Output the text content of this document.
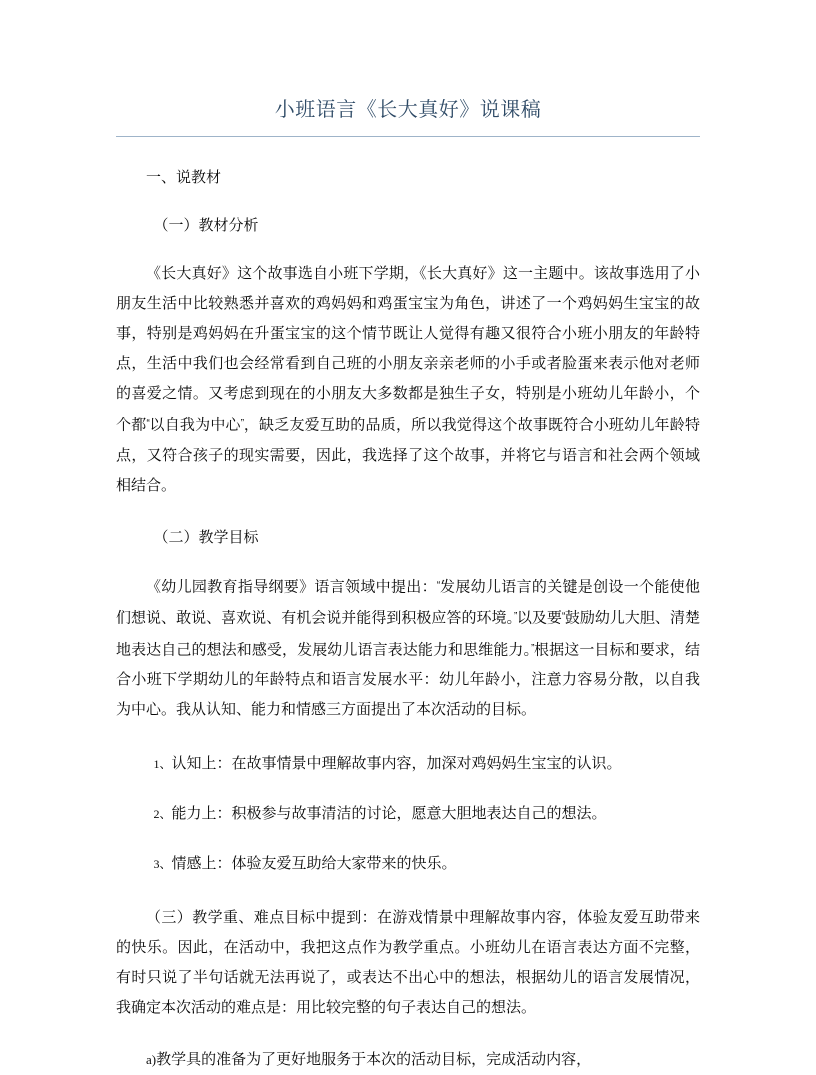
小班语言《长大真好》说课稿

一、说教材

（一）教材分析

《长大真好》这个故事选自小班下学期，《长大真好》这一主题中。该故事选用了小朋友生活中比较熟悉并喜欢的鸡妈妈和鸡蛋宝宝为角色，讲述了一个鸡妈妈生宝宝的故事，特别是鸡妈妈在升蛋宝宝的这个情节既让人觉得有趣又很符合小班小朋友的年龄特点，生活中我们也会经常看到自己班的小朋友亲亲老师的小手或者脸蛋来表示他对老师的喜爱之情。又考虑到现在的小朋友大多数都是独生子女，特别是小班幼儿年龄小，个个都“以自我为中心”，缺乏友爱互助的品质，所以我觉得这个故事既符合小班幼儿年龄特点，又符合孩子的现实需要，因此，我选择了这个故事，并将它与语言和社会两个领域相结合。

（二）教学目标

《幼儿园教育指导纲要》语言领域中提出：“发展幼儿语言的关键是创设一个能使他们想说、敢说、喜欢说、有机会说并能得到积极应答的环境。”以及要“鼓励幼儿大胆、清楚地表达自己的想法和感受，发展幼儿语言表达能力和思维能力。”根据这一目标和要求，结合小班下学期幼儿的年龄特点和语言发展水平：幼儿年龄小，注意力容易分散，以自我为中心。我从认知、能力和情感三方面提出了本次活动的目标。

1、认知上：在故事情景中理解故事内容，加深对鸡妈妈生宝宝的认识。

2、能力上：积极参与故事清洁的讨论，愿意大胆地表达自己的想法。

3、情感上：体验友爱互助给大家带来的快乐。

（三）教学重、难点目标中提到：在游戏情景中理解故事内容，体验友爱互助带来的快乐。因此，在活动中，我把这点作为教学重点。小班幼儿在语言表达方面不完整，有时只说了半句话就无法再说了，或表达不出心中的想法，根据幼儿的语言发展情况，我确定本次活动的难点是：用比较完整的句子表达自己的想法。

a)教学具的准备为了更好地服务于本次的活动目标，完成活动内容，
